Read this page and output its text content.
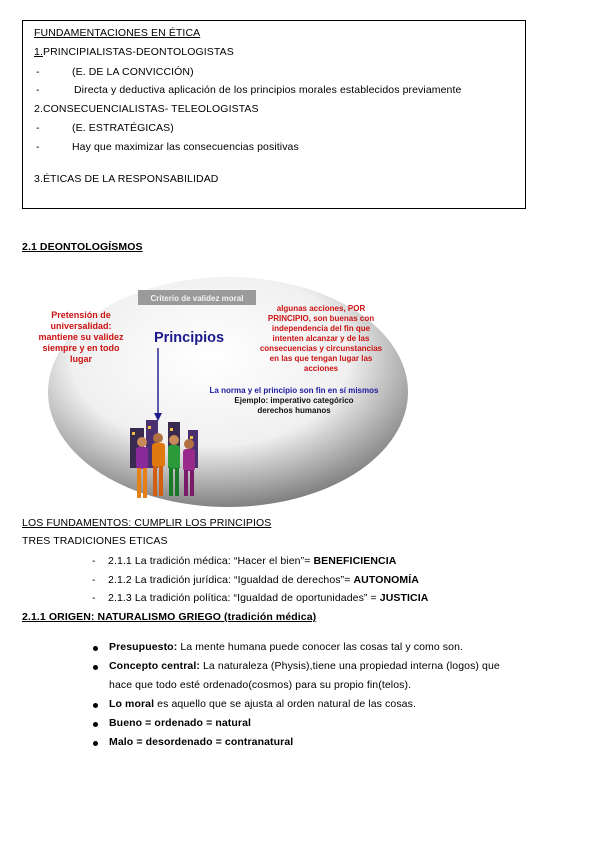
FUNDAMENTACIONES EN ÉTICA
1.PRINCIPIALISTAS-DEONTOLOGISTAS
-	(E. DE LA CONVICCIÓN)
-	Directa y deductiva aplicación de los principios morales establecidos previamente
2.CONSECUENCIALISTAS- TELEOLOGISTAS
-	(E. ESTRATÉGICAS)
-	Hay que maximizar las consecuencias positivas
3.ÉTICAS DE LA RESPONSABILIDAD
2.1 DEONTOLOGÍSMOS
Criterio de validez moral
Principios
Pretensión de
universalidad:
mantiene su validez
siempre y en todo
lugar
algunas acciones, POR
PRINCIPIO, son buenas con
independencia del fin que
intenten alcanzar y de las
consecuencias y circunstancias
en las que tengan lugar las
acciones
La norma y el principio son fin en sí mismos
Ejemplo: imperativo categórico
derechos humanos
LOS FUNDAMENTOS: CUMPLIR LOS PRINCIPIOS
TRES TRADICIONES ETICAS
- 2.1.1 La tradición médica: “Hacer el bien”= BENEFICIENCIA
- 2.1.2 La tradición jurídica: “Igualdad de derechos”= AUTONOMÍA
- 2.1.3 La tradición política: “Igualdad de oportunidades” = JUSTICIA
2.1.1 ORIGEN: NATURALISMO GRIEGO (tradición médica)
Presupuesto: La mente humana puede conocer las cosas tal y como son.
Concepto central: La naturaleza (Physis),tiene una propiedad interna (logos) que
hace que todo esté ordenado(cosmos) para su propio fin(telos).
Lo moral es aquello que se ajusta al orden natural de las cosas.
Bueno = ordenado = natural
Malo = desordenado = contranatural
